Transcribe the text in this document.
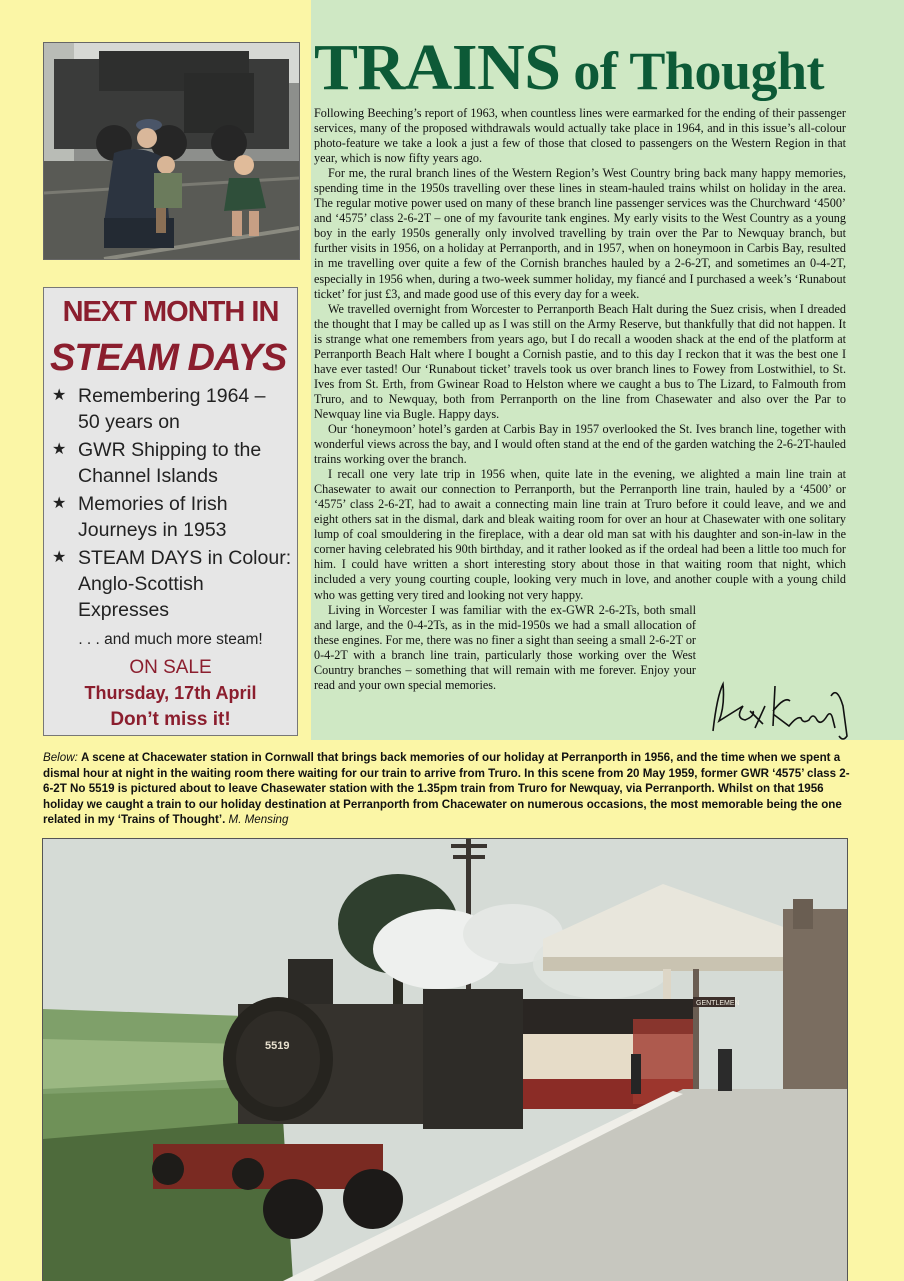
TRAINS of Thought

Following Beeching’s report of 1963, when countless lines were earmarked for the ending of their passenger services, many of the proposed withdrawals would actually take place in 1964, and in this issue’s all-colour photo-feature we take a look a just a few of those that closed to passengers on the Western Region in that year, which is now fifty years ago.

For me, the rural branch lines of the Western Region’s West Country bring back many happy memories, spending time in the 1950s travelling over these lines in steam-hauled trains whilst on holiday in the area. The regular motive power used on many of these branch line passenger services was the Churchward ‘4500’ and ‘4575’ class 2-6-2T – one of my favourite tank engines. My early visits to the West Country as a young boy in the early 1950s generally only involved travelling by train over the Par to Newquay branch, but further visits in 1956, on a holiday at Perranporth, and in 1957, when on honeymoon in Carbis Bay, resulted in me travelling over quite a few of the Cornish branches hauled by a 2-6-2T, and sometimes an 0-4-2T, especially in 1956 when, during a two-week summer holiday, my fiancé and I purchased a week’s ‘Runabout ticket’ for just £3, and made good use of this every day for a week.

We travelled overnight from Worcester to Perranporth Beach Halt during the Suez crisis, when I dreaded the thought that I may be called up as I was still on the Army Reserve, but thankfully that did not happen. It is strange what one remembers from years ago, but I do recall a wooden shack at the end of the platform at Perranporth Beach Halt where I bought a Cornish pastie, and to this day I reckon that it was the best one I have ever tasted! Our ‘Runabout ticket’ travels took us over branch lines to Fowey from Lostwithiel, to St. Ives from St. Erth, from Gwinear Road to Helston where we caught a bus to The Lizard, to Falmouth from Truro, and to Newquay, both from Perranporth on the line from Chasewater and also over the Par to Newquay line via Bugle. Happy days.

Our ‘honeymoon’ hotel’s garden at Carbis Bay in 1957 overlooked the St. Ives branch line, together with wonderful views across the bay, and I would often stand at the end of the garden watching the 2-6-2T-hauled trains working over the branch.

I recall one very late trip in 1956 when, quite late in the evening, we alighted a main line train at Chasewater to await our connection to Perranporth, but the Perranporth line train, hauled by a ‘4500’ or ‘4575’ class 2-6-2T, had to await a connecting main line train at Truro before it could leave, and we and eight others sat in the dismal, dark and bleak waiting room for over an hour at Chasewater with one solitary lump of coal smouldering in the fireplace, with a dear old man sat with his daughter and son-in-law in the corner having celebrated his 90th birthday, and it rather looked as if the ordeal had been a little too much for him. I could have written a short interesting story about those in that waiting room that night, which included a very young courting couple, looking very much in love, and another couple with a young child who was getting very tired and looking not very happy.

Living in Worcester I was familiar with the ex-GWR 2-6-2Ts, both small and large, and the 0-4-2Ts, as in the mid-1950s we had a small allocation of these engines. For me, there was no finer a sight than seeing a small 2-6-2T or 0-4-2T with a branch line train, particularly those working over the West Country branches – something that will remain with me forever. Enjoy your read and your own special memories.

NEXT MONTH IN
STEAM DAYS
★ Remembering 1964 – 50 years on
★ GWR Shipping to the Channel Islands
★ Memories of Irish Journeys in 1953
★ STEAM DAYS in Colour: Anglo-Scottish Expresses
. . . and much more steam!
ON SALE
Thursday, 17th April
Don’t miss it!
Below: A scene at Chacewater station in Cornwall that brings back memories of our holiday at Perranporth in 1956, and the time when we spent a dismal hour at night in the waiting room there waiting for our train to arrive from Truro. In this scene from 20 May 1959, former GWR ‘4575’ class 2-6-2T No 5519 is pictured about to leave Chasewater station with the 1.35pm train from Truro for Newquay, via Perranporth. Whilst on that 1956 holiday we caught a train to our holiday destination at Perranporth from Chacewater on numerous occasions, the most memorable being the one related in my ‘Trains of Thought’. M. Mensing
GENTLEMEN
5519
